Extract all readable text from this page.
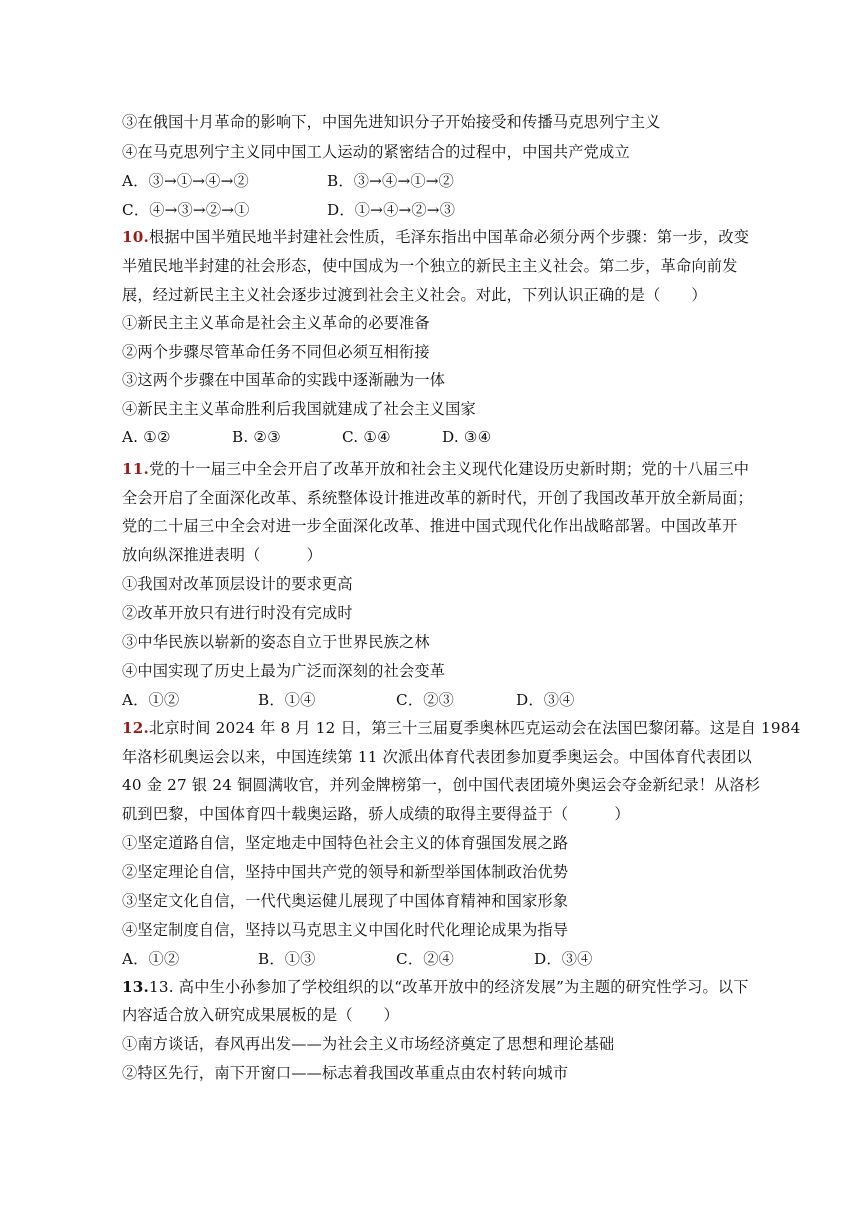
③在俄国十月革命的影响下，中国先进知识分子开始接受和传播马克思列宁主义
④在马克思列宁主义同中国工人运动的紧密结合的过程中，中国共产党成立
A．③→①→④→②	B．③→④→①→②
C．④→③→②→①	D．①→④→②→③
10.根据中国半殖民地半封建社会性质，毛泽东指出中国革命必须分两个步骤：第一步，改变
半殖民地半封建的社会形态，使中国成为一个独立的新民主主义社会。第二步，革命向前发
展，经过新民主主义社会逐步过渡到社会主义社会。对此，下列认识正确的是（　　）
①新民主主义革命是社会主义革命的必要准备
②两个步骤尽管革命任务不同但必须互相衔接
③这两个步骤在中国革命的实践中逐渐融为一体
④新民主主义革命胜利后我国就建成了社会主义国家
A. ①②	B. ②③	C. ①④	D. ③④
11.党的十一届三中全会开启了改革开放和社会主义现代化建设历史新时期；党的十八届三中
全会开启了全面深化改革、系统整体设计推进改革的新时代，开创了我国改革开放全新局面；
党的二十届三中全会对进一步全面深化改革、推进中国式现代化作出战略部署。中国改革开
放向纵深推进表明（　　　）
①我国对改革顶层设计的要求更高
②改革开放只有进行时没有完成时
③中华民族以崭新的姿态自立于世界民族之林
④中国实现了历史上最为广泛而深刻的社会变革
A．①②	B．①④	C．②③	D．③④
12.北京时间 2024 年 8 月 12 日，第三十三届夏季奥林匹克运动会在法国巴黎闭幕。这是自 1984
年洛杉矶奥运会以来，中国连续第 11 次派出体育代表团参加夏季奥运会。中国体育代表团以
40 金 27 银 24 铜圆满收官，并列金牌榜第一，创中国代表团境外奥运会夺金新纪录！从洛杉
矶到巴黎，中国体育四十载奥运路，骄人成绩的取得主要得益于（　　　）
①坚定道路自信，坚定地走中国特色社会主义的体育强国发展之路
②坚定理论自信，坚持中国共产党的领导和新型举国体制政治优势
③坚定文化自信，一代代奥运健儿展现了中国体育精神和国家形象
④坚定制度自信，坚持以马克思主义中国化时代化理论成果为指导
A．①②	B．①③	C．②④	D．③④
13.13. 高中生小孙参加了学校组织的以“改革开放中的经济发展”为主题的研究性学习。以下
内容适合放入研究成果展板的是（　　）
①南方谈话，春风再出发——为社会主义市场经济奠定了思想和理论基础
②特区先行，南下开窗口——标志着我国改革重点由农村转向城市
